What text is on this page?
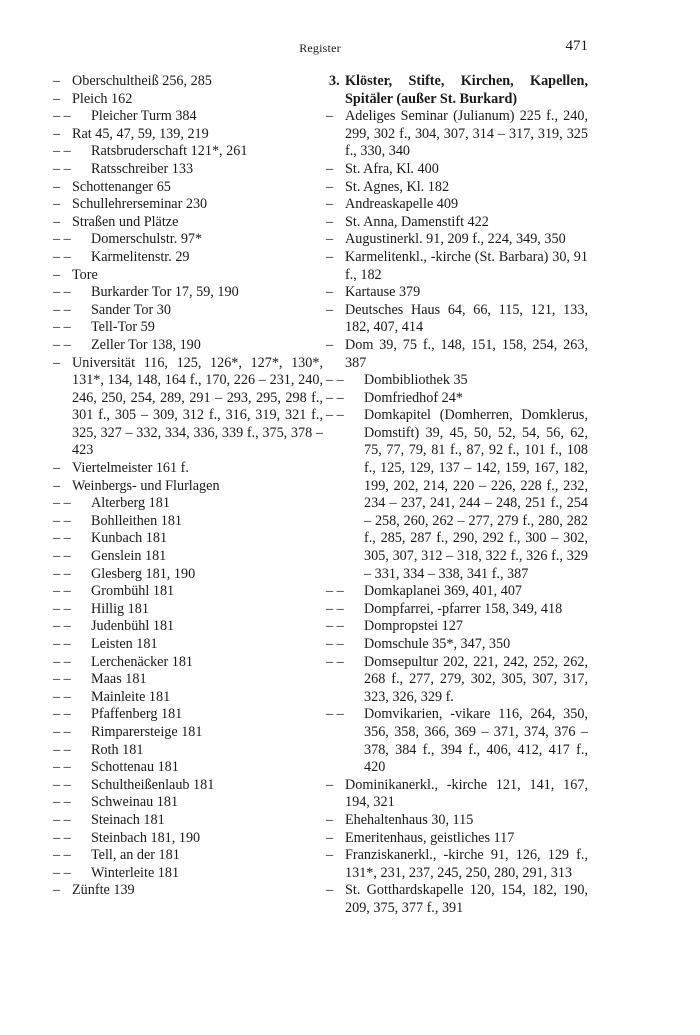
Register	471
– Oberschultheiß 256, 285
– Pleich 162
– –	Pleicher Turm 384
– Rat 45, 47, 59, 139, 219
– –	Ratsbruderschaft 121*, 261
– –	Ratsschreiber 133
– Schottenanger 65
– Schullehrerseminar 230
– Straßen und Plätze
– –	Domerschulstr. 97*
– –	Karmelitenstr. 29
– Tore
– –	Burkarder Tor 17, 59, 190
– –	Sander Tor 30
– –	Tell-Tor 59
– –	Zeller Tor 138, 190
– Universität 116, 125, 126*, 127*, 130*, 131*, 134, 148, 164 f., 170, 226 – 231, 240, 246, 250, 254, 289, 291 – 293, 295, 298 f., 301 f., 305 – 309, 312 f., 316, 319, 321 f., 325, 327 – 332, 334, 336, 339 f., 375, 378 – 423
– Viertelmeister 161 f.
– Weinbergs- und Flurlagen
– –	Alterberg 181
– –	Bohlleithen 181
– –	Kunbach 181
– –	Genslein 181
– –	Glesberg 181, 190
– –	Grombühl 181
– –	Hillig 181
– –	Judenbühl 181
– –	Leisten 181
– –	Lerchenäcker 181
– –	Maas 181
– –	Mainleite 181
– –	Pfaffenberg 181
– –	Rimparersteige 181
– –	Roth 181
– –	Schottenau 181
– –	Schultheißenlaub 181
– –	Schweinau 181
– –	Steinach 181
– –	Steinbach 181, 190
– –	Tell, an der 181
– –	Winterleite 181
– Zünfte 139
3. Klöster, Stifte, Kirchen, Kapellen, Spitäler (außer St. Burkard)
– Adeliges Seminar (Julianum) 225 f., 240, 299, 302 f., 304, 307, 314 – 317, 319, 325 f., 330, 340
– St. Afra, Kl. 400
– St. Agnes, Kl. 182
– Andreaskapelle 409
– St. Anna, Damenstift 422
– Augustinerkl. 91, 209 f., 224, 349, 350
– Karmelitenkl., -kirche (St. Barbara) 30, 91 f., 182
– Kartause 379
– Deutsches Haus 64, 66, 115, 121, 133, 182, 407, 414
– Dom 39, 75 f., 148, 151, 158, 254, 263, 387
– –	Dombibliothek 35
– –	Domfriedhof 24*
– –	Domkapitel (Domherren, Domklerus, Domstift) 39, 45, 50, 52, 54, 56, 62, 75, 77, 79, 81 f., 87, 92 f., 101 f., 108 f., 125, 129, 137 – 142, 159, 167, 182, 199, 202, 214, 220 – 226, 228 f., 232, 234 – 237, 241, 244 – 248, 251 f., 254 – 258, 260, 262 – 277, 279 f., 280, 282 f., 285, 287 f., 290, 292 f., 300 – 302, 305, 307, 312 – 318, 322 f., 326 f., 329 – 331, 334 – 338, 341 f., 387
– –	Domkaplanei 369, 401, 407
– –	Dompfarrei, -pfarrer 158, 349, 418
– –	Dompropstei 127
– –	Domschule 35*, 347, 350
– –	Domsepultur 202, 221, 242, 252, 262, 268 f., 277, 279, 302, 305, 307, 317, 323, 326, 329 f.
– –	Domvikarien, -vikare 116, 264, 350, 356, 358, 366, 369 – 371, 374, 376 – 378, 384 f., 394 f., 406, 412, 417 f., 420
– Dominikanerkl., -kirche 121, 141, 167, 194, 321
– Ehehaltenhaus 30, 115
– Emeritenhaus, geistliches 117
– Franziskanerkl., -kirche 91, 126, 129 f., 131*, 231, 237, 245, 250, 280, 291, 313
– St. Gotthardskapelle 120, 154, 182, 190, 209, 375, 377 f., 391
